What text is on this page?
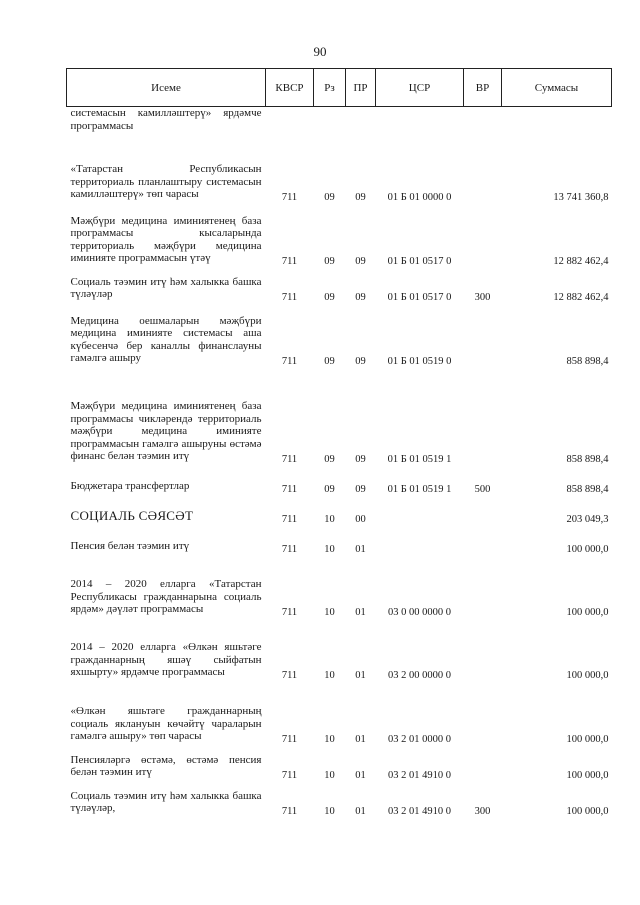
90
Исеме	КВСР	Рз	ПР	ЦСР	ВР	Суммасы
системасын камилләштерү» ярдәмче программасы						
«Татарстан Республикасын территориаль планлаштыру системасын камилләштерү» төп чарасы	711	09	09	01 Б 01 0000 0		13 741 360,8
Мәҗбүри медицина иминиятенең база программасы кысаларында территориаль мәҗбүри медицина иминияте программасын үтәү	711	09	09	01 Б 01 0517 0		12 882 462,4
Социаль тәэмин итү һәм халыкка башка түләүләр	711	09	09	01 Б 01 0517 0	300	12 882 462,4
Медицина оешмаларын мәҗбүри медицина иминияте системасы аша күбесенчә бер каналлы финанслауны гамәлгә ашыру	711	09	09	01 Б 01 0519 0		858 898,4
Мәҗбүри медицина иминиятенең база программасы чикләрендә территориаль мәҗбүри медицина иминияте программасын гамәлгә ашыруны өстәмә финанс белән тәэмин итү	711	09	09	01 Б 01 0519 1		858 898,4
Бюджетара трансфертлар	711	09	09	01 Б 01 0519 1	500	858 898,4
СОЦИАЛЬ СӘЯСӘТ	711	10	00			203 049,3
Пенсия белән тәэмин итү	711	10	01			100 000,0
2014 – 2020 елларга «Татарстан Республикасы гражданнарына социаль ярдәм» дәүләт программасы	711	10	01	03 0 00 0000 0		100 000,0
2014 – 2020 елларга «Өлкән яшьтәге гражданнарның яшәү сыйфатын яхшырту» ярдәмче программасы	711	10	01	03 2 00 0000 0		100 000,0
«Өлкән яшьтәге гражданнарның социаль яклануын көчәйтү чараларын гамәлгә ашыру» төп чарасы	711	10	01	03 2 01 0000 0		100 000,0
Пенсияләргә өстәмә, өстәмә пенсия белән тәэмин итү	711	10	01	03 2 01 4910 0		100 000,0
Социаль тәэмин итү һәм халыкка башка түләүләр,	711	10	01	03 2 01 4910 0	300	100 000,0
